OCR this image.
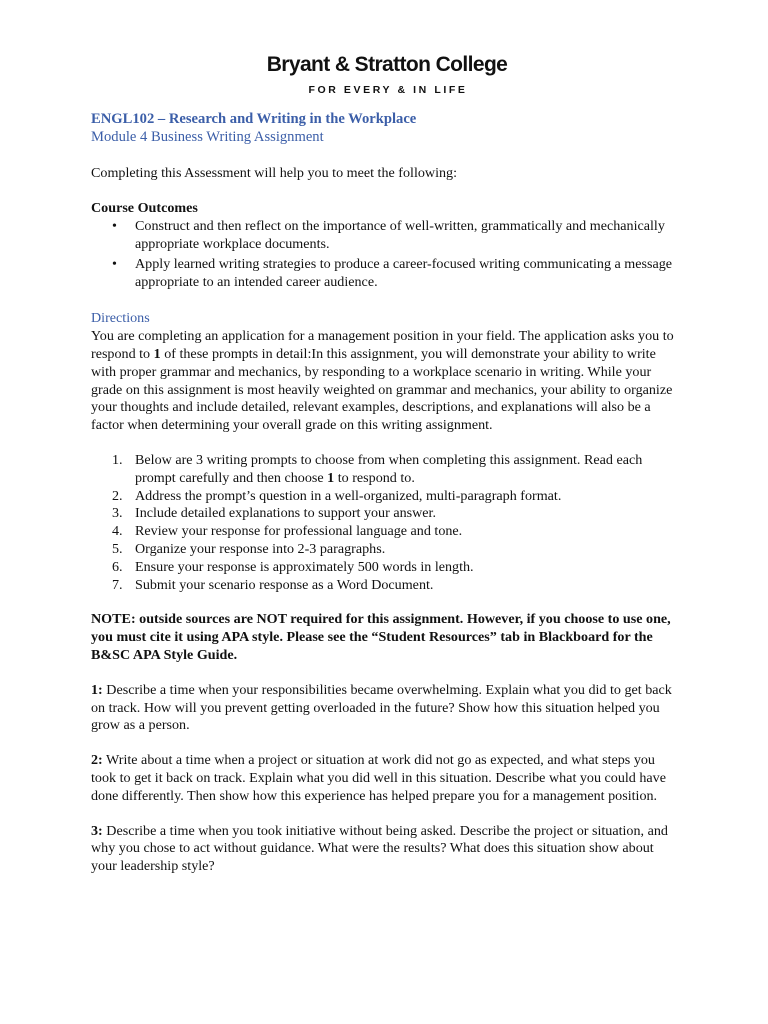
Bryant & Stratton College
FOR EVERY & IN LIFE
ENGL102 – Research and Writing in the Workplace
Module 4 Business Writing Assignment

Completing this Assessment will help you to meet the following:

Course Outcomes
• Construct and then reflect on the importance of well-written, grammatically and mechanically appropriate workplace documents.
• Apply learned writing strategies to produce a career-focused writing communicating a message appropriate to an intended career audience.
Directions

You are completing an application for a management position in your field. The application asks you to respond to 1 of these prompts in detail:In this assignment, you will demonstrate your ability to write with proper grammar and mechanics, by responding to a workplace scenario in writing. While your grade on this assignment is most heavily weighted on grammar and mechanics, your ability to organize your thoughts and include detailed, relevant examples, descriptions, and explanations will also be a factor when determining your overall grade on this writing assignment.

1. Below are 3 writing prompts to choose from when completing this assignment. Read each prompt carefully and then choose 1 to respond to.
2. Address the prompt’s question in a well-organized, multi-paragraph format.
3. Include detailed explanations to support your answer.
4. Review your response for professional language and tone.
5. Organize your response into 2-3 paragraphs.
6. Ensure your response is approximately 500 words in length.
7. Submit your scenario response as a Word Document.

NOTE: outside sources are NOT required for this assignment. However, if you choose to use one, you must cite it using APA style. Please see the “Student Resources” tab in Blackboard for the B&SC APA Style Guide.

1: Describe a time when your responsibilities became overwhelming. Explain what you did to get back on track. How will you prevent getting overloaded in the future? Show how this situation helped you grow as a person.

2: Write about a time when a project or situation at work did not go as expected, and what steps you took to get it back on track. Explain what you did well in this situation. Describe what you could have done differently. Then show how this experience has helped prepare you for a management position.

3: Describe a time when you took initiative without being asked. Describe the project or situation, and why you chose to act without guidance. What were the results? What does this situation show about your leadership style?
